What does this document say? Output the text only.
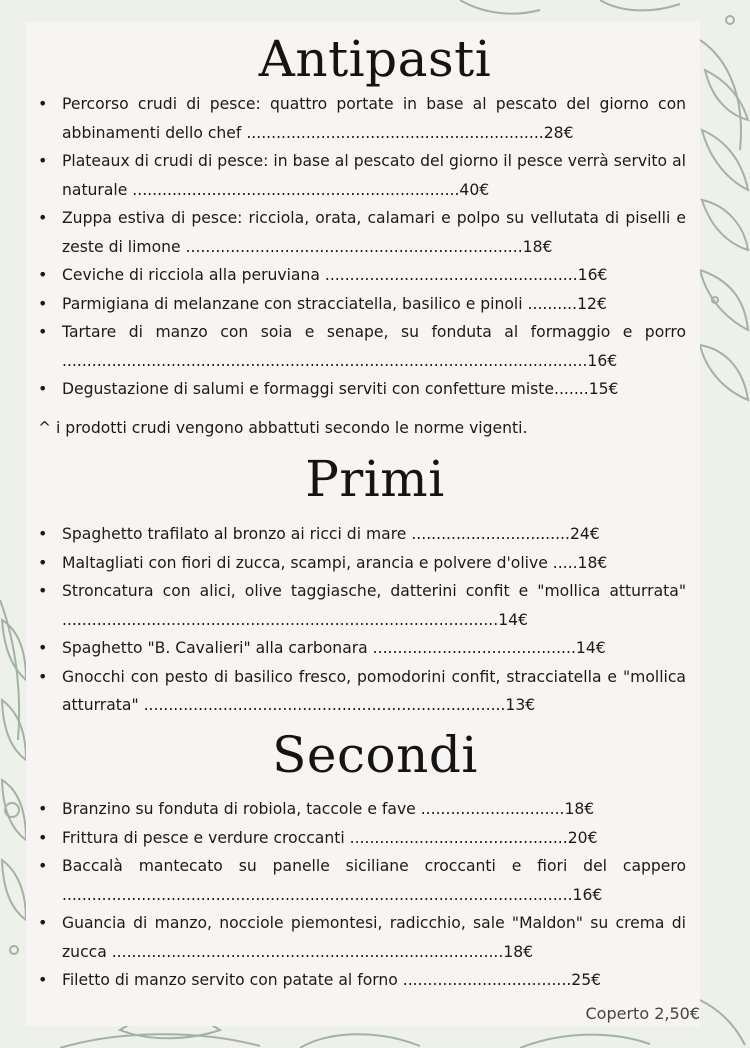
Antipasti
• Percorso crudi di pesce: quattro portate in base al pescato del giorno con abbinamenti dello chef ............................................................28€
• Plateaux di crudi di pesce: in base al pescato del giorno il pesce verrà servito al naturale ..................................................................40€
• Zuppa estiva di pesce: ricciola, orata, calamari e polpo su vellutata di piselli e zeste di limone ....................................................................18€
• Ceviche di ricciola alla peruviana ...................................................16€
• Parmigiana di melanzane con stracciatella, basilico e pinoli ..........12€
• Tartare di manzo con soia e senape, su fonduta al formaggio e porro ..........................................................................................................16€
• Degustazione di salumi e formaggi serviti con confetture miste.......15€
^ i prodotti crudi vengono abbattuti secondo le norme vigenti.
Primi
• Spaghetto trafilato al bronzo ai ricci di mare ................................24€
• Maltagliati con fiori di zucca, scampi, arancia e polvere d'olive .....18€
• Stroncatura con alici, olive taggiasche, datterini confit e "mollica atturrata" ........................................................................................14€
• Spaghetto "B. Cavalieri" alla carbonara .........................................14€
• Gnocchi con pesto di basilico fresco, pomodorini confit, stracciatella e "mollica atturrata" .........................................................................13€
Secondi
• Branzino su fonduta di robiola, taccole e fave .............................18€
• Frittura di pesce e verdure croccanti ............................................20€
• Baccalà mantecato su panelle siciliane croccanti e fiori del cappero .......................................................................................................16€
• Guancia di manzo, nocciole piemontesi, radicchio, sale "Maldon" su crema di zucca ...............................................................................18€
• Filetto di manzo servito con patate al forno ..................................25€
Coperto 2,50€
